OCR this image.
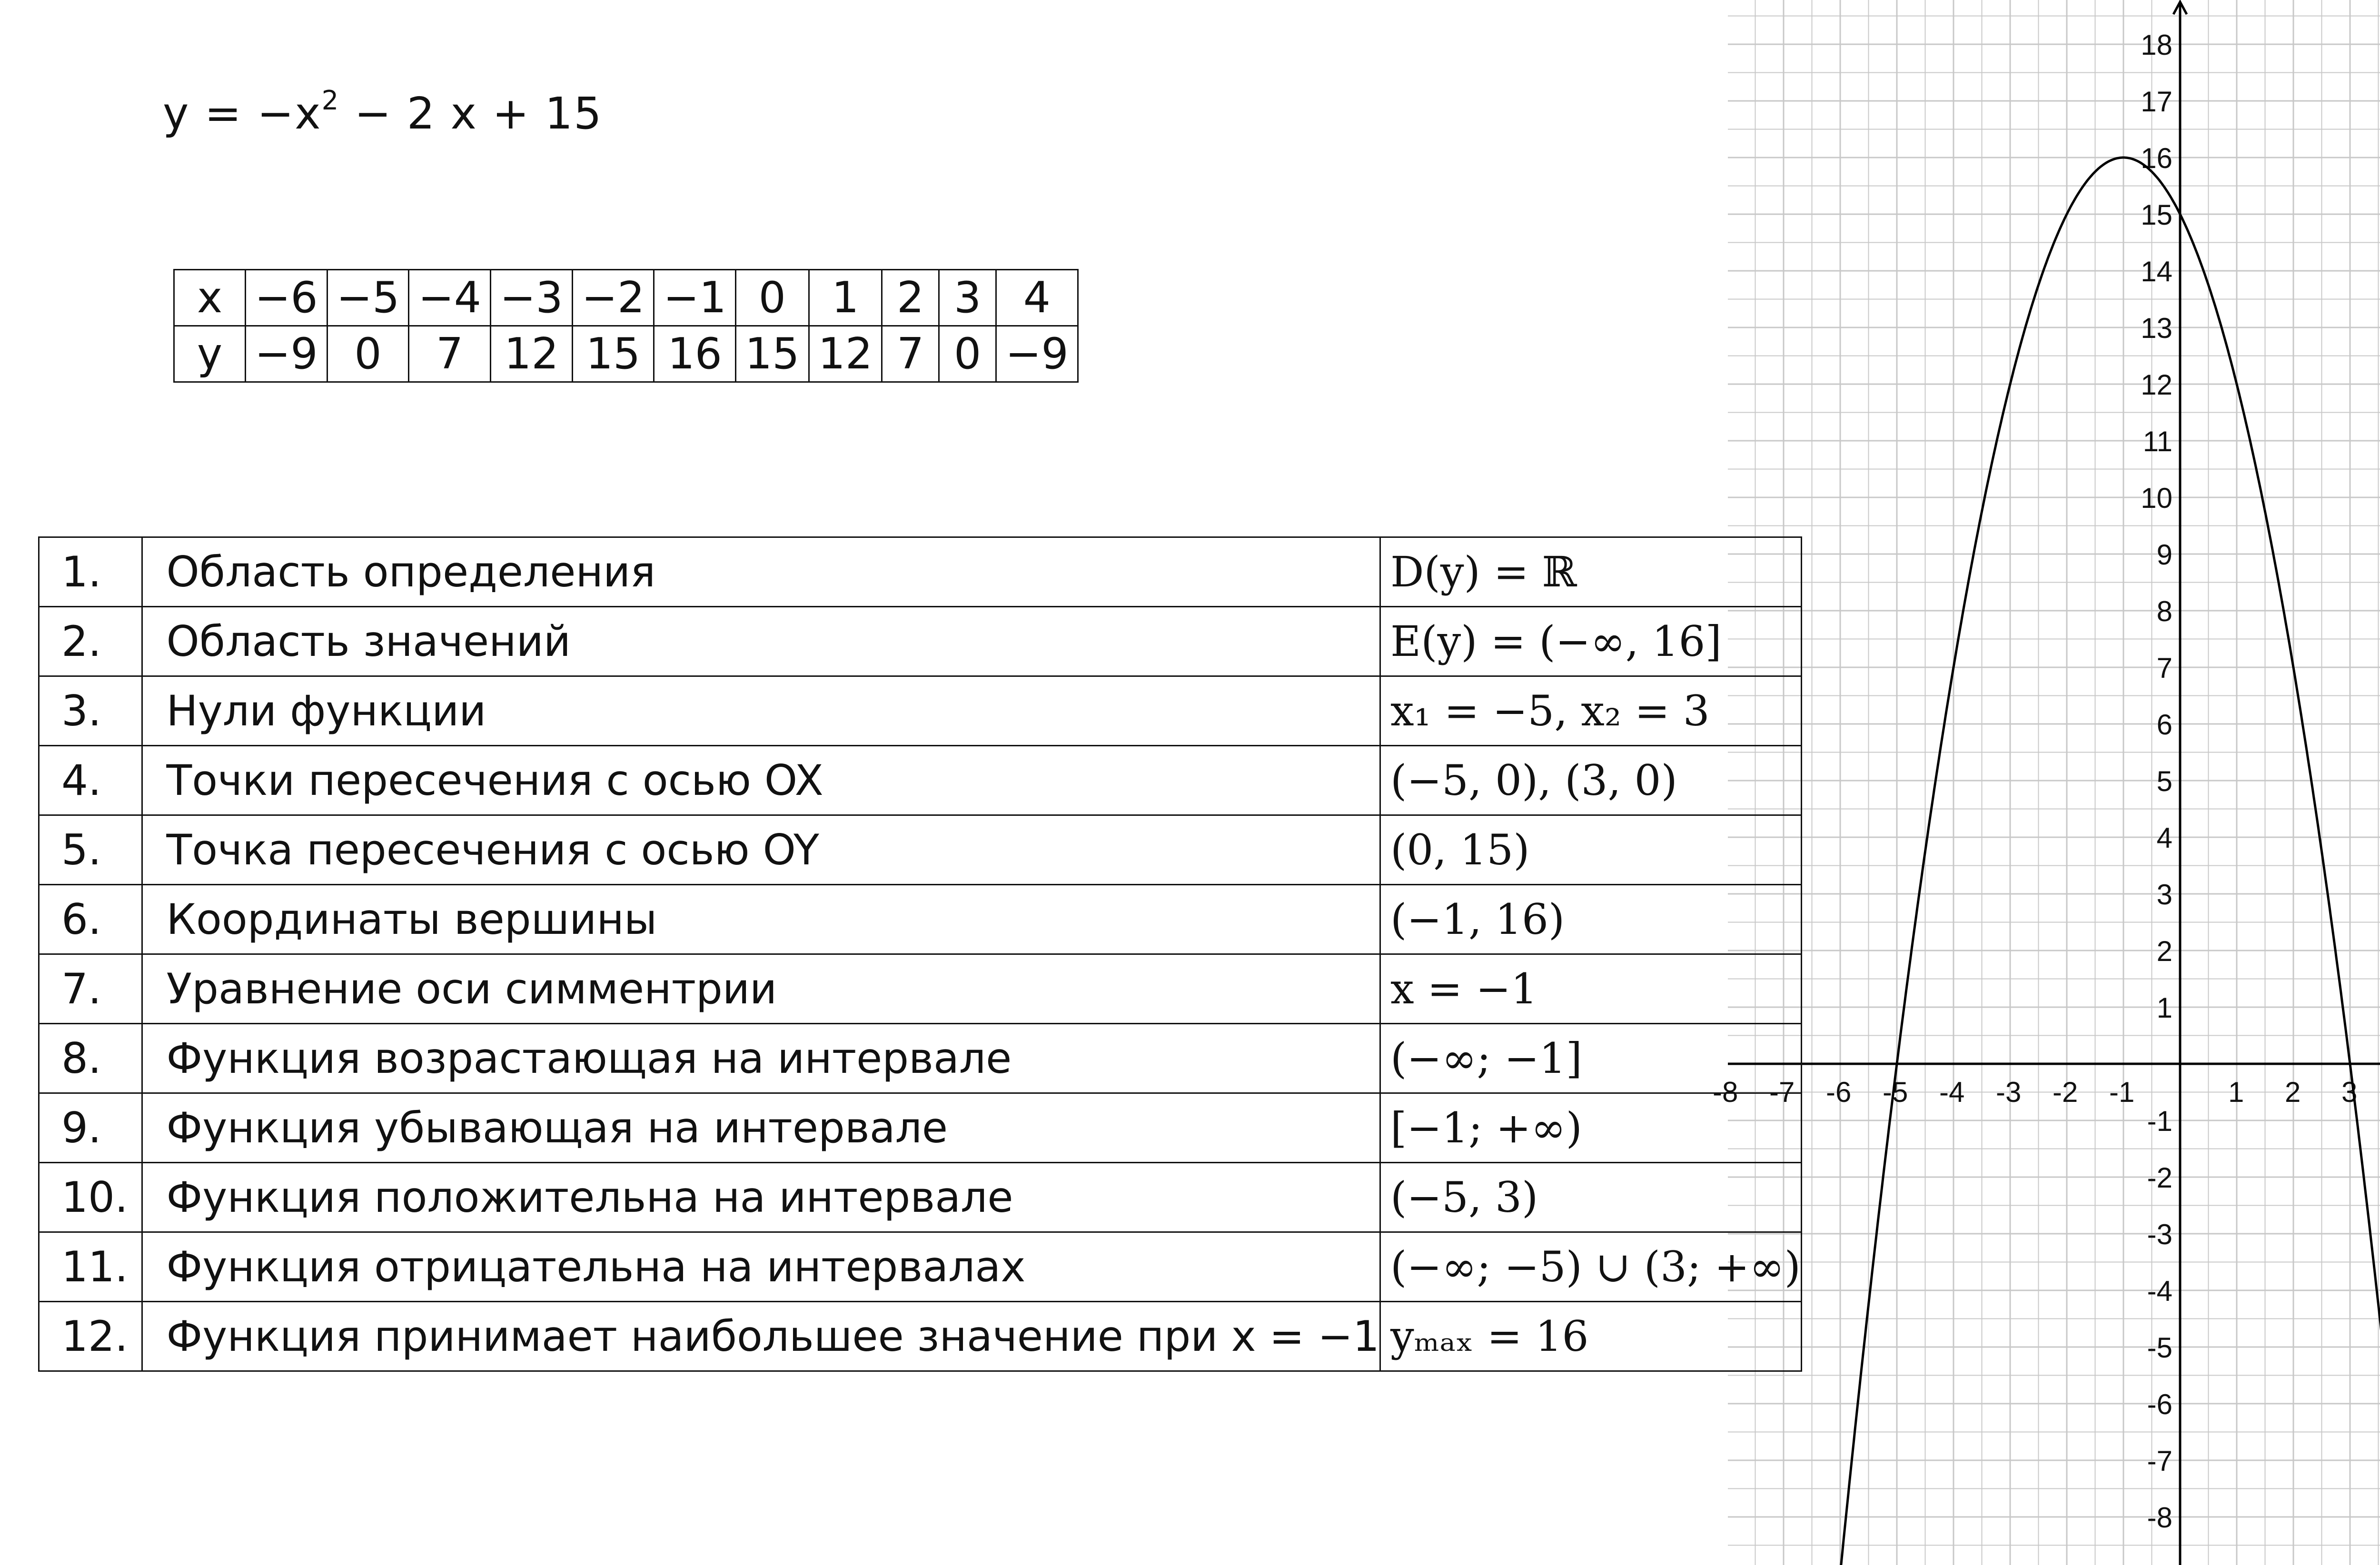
$y = -x^2 - 2$ x + 15
x	−6	−5	−4	−3	−2	−1	0	1	2	3	4
y	−9	0	7	12	15	16	15	12	7	0	−9
-8 -7 -6 -5 -4 -3 -2 -1	1 2 3
-8
-7
-6
-5
-4
-3
-2
-1
1
2
3
4
5
6
7
8
9
10
11
12
13
14
15
16
17
18
1.	Область определения	D(y) = ℝ
2.	Область значений	E(y) = (−∞, 16]
3.	Нули функции	x₁ = −5, x₂ = 3
4.	Точки пересечения с осью OX	(−5, 0), (3, 0)
5.	Точка пересечения с осью OY	(0, 15)
6.	Координаты вершины	(−1, 16)
7.	Уравнение оси симментрии	x = −1
8.	Функция возрастающая на интервале	(−∞; −1]
9.	Функция убывающая на интервале	[−1; +∞)
10.	Функция положительна на интервале	(−5, 3)
11.	Функция отрицательна на интервалах	(−∞; −5) ∪ (3; +∞)
12.	Функция принимает наибольшее значение при x = −1	yₘₐₓ = 16
